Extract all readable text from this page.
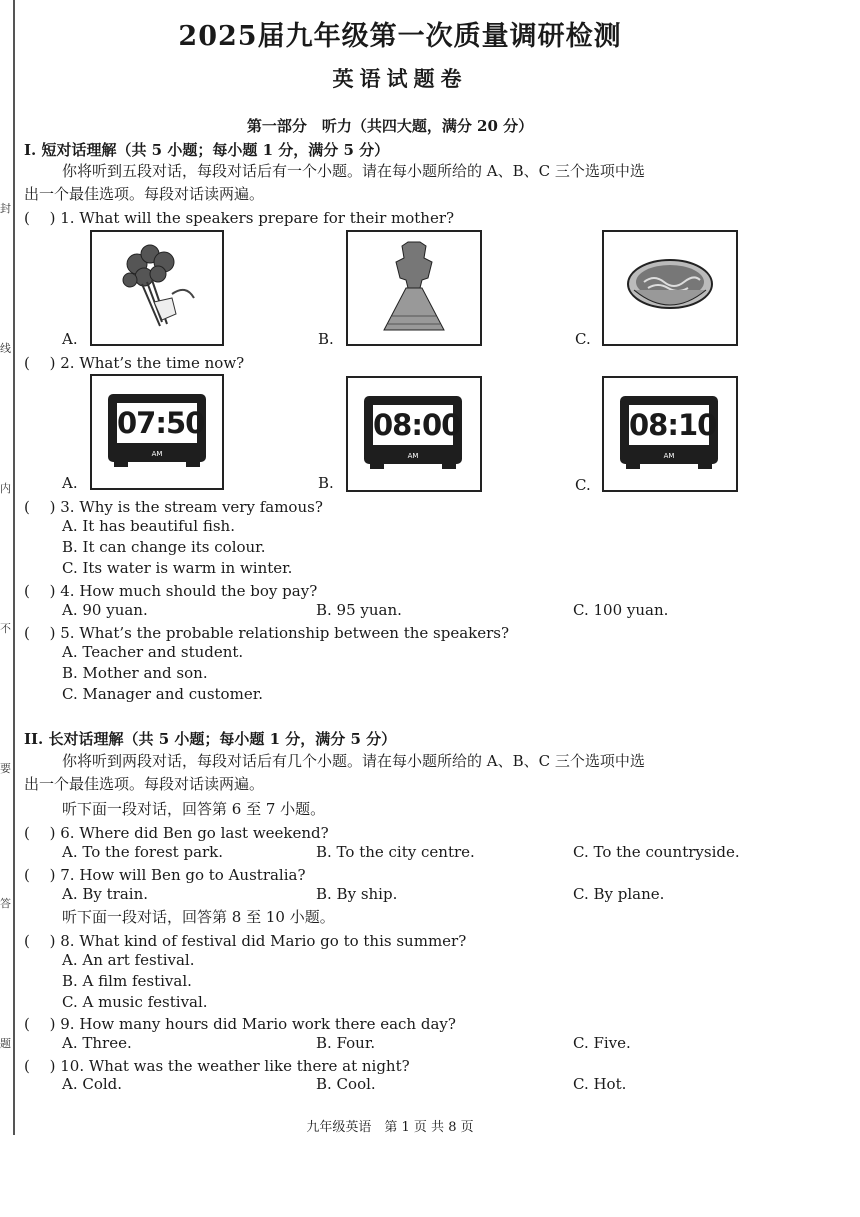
封
线
内
不
要
答
题
2025届九年级第一次质量调研检测
英语试题卷
第一部分　听力（共四大题，满分 20 分）
I. 短对话理解（共 5 小题；每小题 1 分，满分 5 分）
你将听到五段对话，每段对话后有一个小题。请在每小题所给的 A、B、C 三个选项中选
出一个最佳选项。每段对话读两遍。
(　 ) 1. What will the speakers prepare for their mother?
A.	B.	C.
(　 ) 2. What’s the time now?
A.
07:50
AM
B.
08:00
AM
C.
08:10
AM
(　 ) 3. Why is the stream very famous?
A. It has beautiful fish.
B. It can change its colour.
C. Its water is warm in winter.
(　 ) 4. How much should the boy pay?
A. 90 yuan.	B. 95 yuan.	C. 100 yuan.
(　 ) 5. What’s the probable relationship between the speakers?
A. Teacher and student.
B. Mother and son.
C. Manager and customer.
II. 长对话理解（共 5 小题；每小题 1 分，满分 5 分）
你将听到两段对话，每段对话后有几个小题。请在每小题所给的 A、B、C 三个选项中选
出一个最佳选项。每段对话读两遍。
听下面一段对话，回答第 6 至 7 小题。
(　 ) 6. Where did Ben go last weekend?
A. To the forest park.	B. To the city centre.	C. To the countryside.
(　 ) 7. How will Ben go to Australia?
A. By train.	B. By ship.	C. By plane.
听下面一段对话，回答第 8 至 10 小题。
(　 ) 8. What kind of festival did Mario go to this summer?
A. An art festival.
B. A film festival.
C. A music festival.
(　 ) 9. How many hours did Mario work there each day?
A. Three.	B. Four.	C. Five.
(　 ) 10. What was the weather like there at night?
A. Cold.	B. Cool.	C. Hot.
九年级英语　第 1 页 共 8 页
